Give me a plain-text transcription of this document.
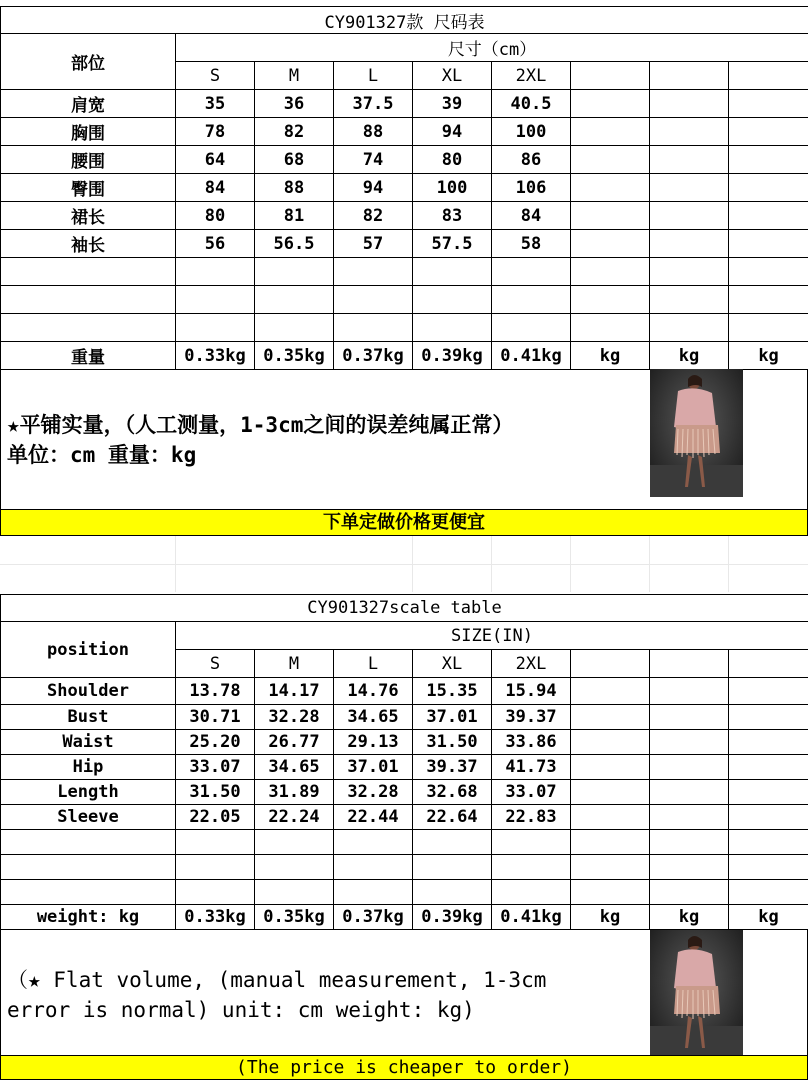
CY901327款 尺码表								
部位	尺寸（cm）							
	S	M	L	XL	2XL			
肩宽	35	36	37.5	39	40.5			
胸围	78	82	88	94	100			
腰围	64	68	74	80	86			
臀围	84	88	94	100	106			
裙长	80	81	82	83	84			
袖长	56	56.5	57	57.5	58			

重量	0.33kg	0.35kg	0.37kg	0.39kg	0.41kg	kg	kg	kg
★平铺实量，（人工测量，1-3cm之间的误差纯属正常）
单位：cm 重量：kg
下单定做价格更便宜
CY901327scale table								
position	SIZE(IN)							
	S	M	L	XL	2XL			
Shoulder	13.78	14.17	14.76	15.35	15.94			
Bust	30.71	32.28	34.65	37.01	39.37			
Waist	25.20	26.77	29.13	31.50	33.86			
Hip	33.07	34.65	37.01	39.37	41.73			
Length	31.50	31.89	32.28	32.68	33.07			
Sleeve	22.05	22.24	22.44	22.64	22.83			

weight: kg	0.33kg	0.35kg	0.37kg	0.39kg	0.41kg	kg	kg	kg
（★ Flat volume, (manual measurement, 1-3cm
error is normal) unit: cm weight: kg)
(The price is cheaper to order)
